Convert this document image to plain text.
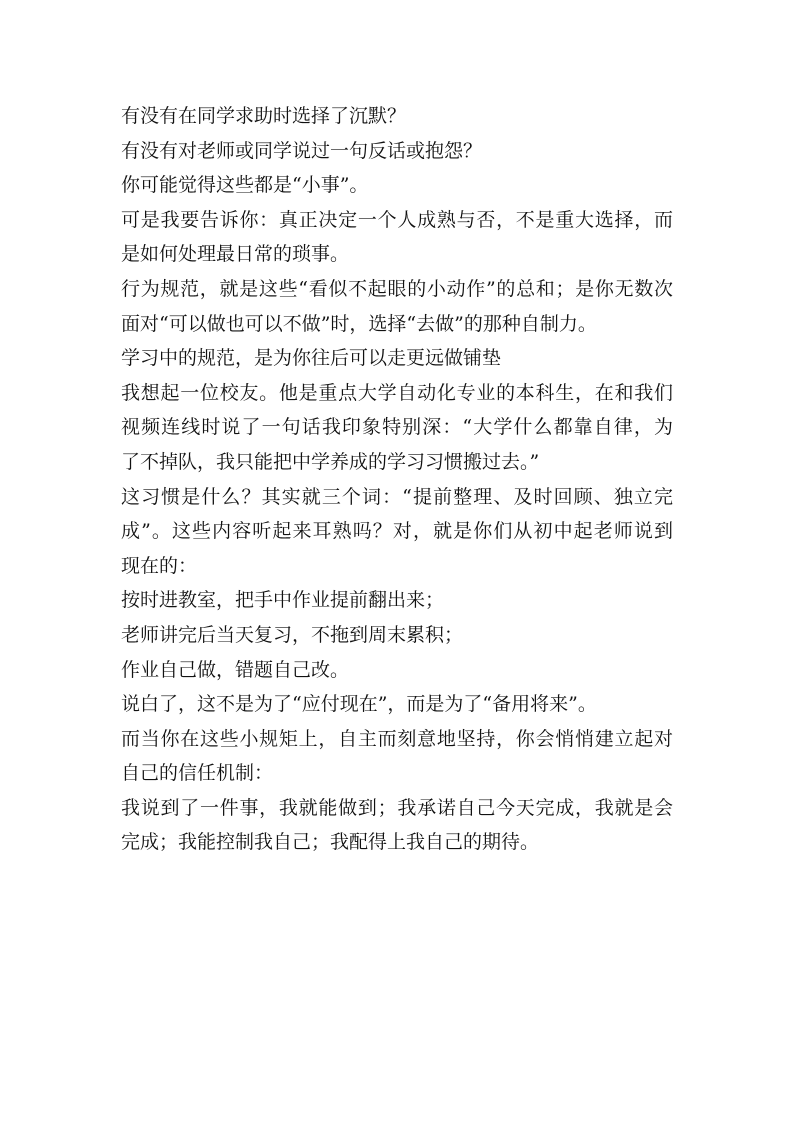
有没有在同学求助时选择了沉默？
有没有对老师或同学说过一句反话或抱怨？
你可能觉得这些都是“小事”。
可是我要告诉你：真正决定一个人成熟与否，不是重大选择，而
是如何处理最日常的琐事。
行为规范，就是这些“看似不起眼的小动作”的总和；是你无数次
面对“可以做也可以不做”时，选择“去做”的那种自制力。
学习中的规范，是为你往后可以走更远做铺垫
我想起一位校友。他是重点大学自动化专业的本科生，在和我们
视频连线时说了一句话我印象特别深：“大学什么都靠自律，为
了不掉队，我只能把中学养成的学习习惯搬过去。”
这习惯是什么？其实就三个词：“提前整理、及时回顾、独立完
成”。这些内容听起来耳熟吗？对，就是你们从初中起老师说到
现在的：
按时进教室，把手中作业提前翻出来；
老师讲完后当天复习，不拖到周末累积；
作业自己做，错题自己改。
说白了，这不是为了“应付现在”，而是为了“备用将来”。
而当你在这些小规矩上，自主而刻意地坚持，你会悄悄建立起对
自己的信任机制：
我说到了一件事，我就能做到；我承诺自己今天完成，我就是会
完成；我能控制我自己；我配得上我自己的期待。
